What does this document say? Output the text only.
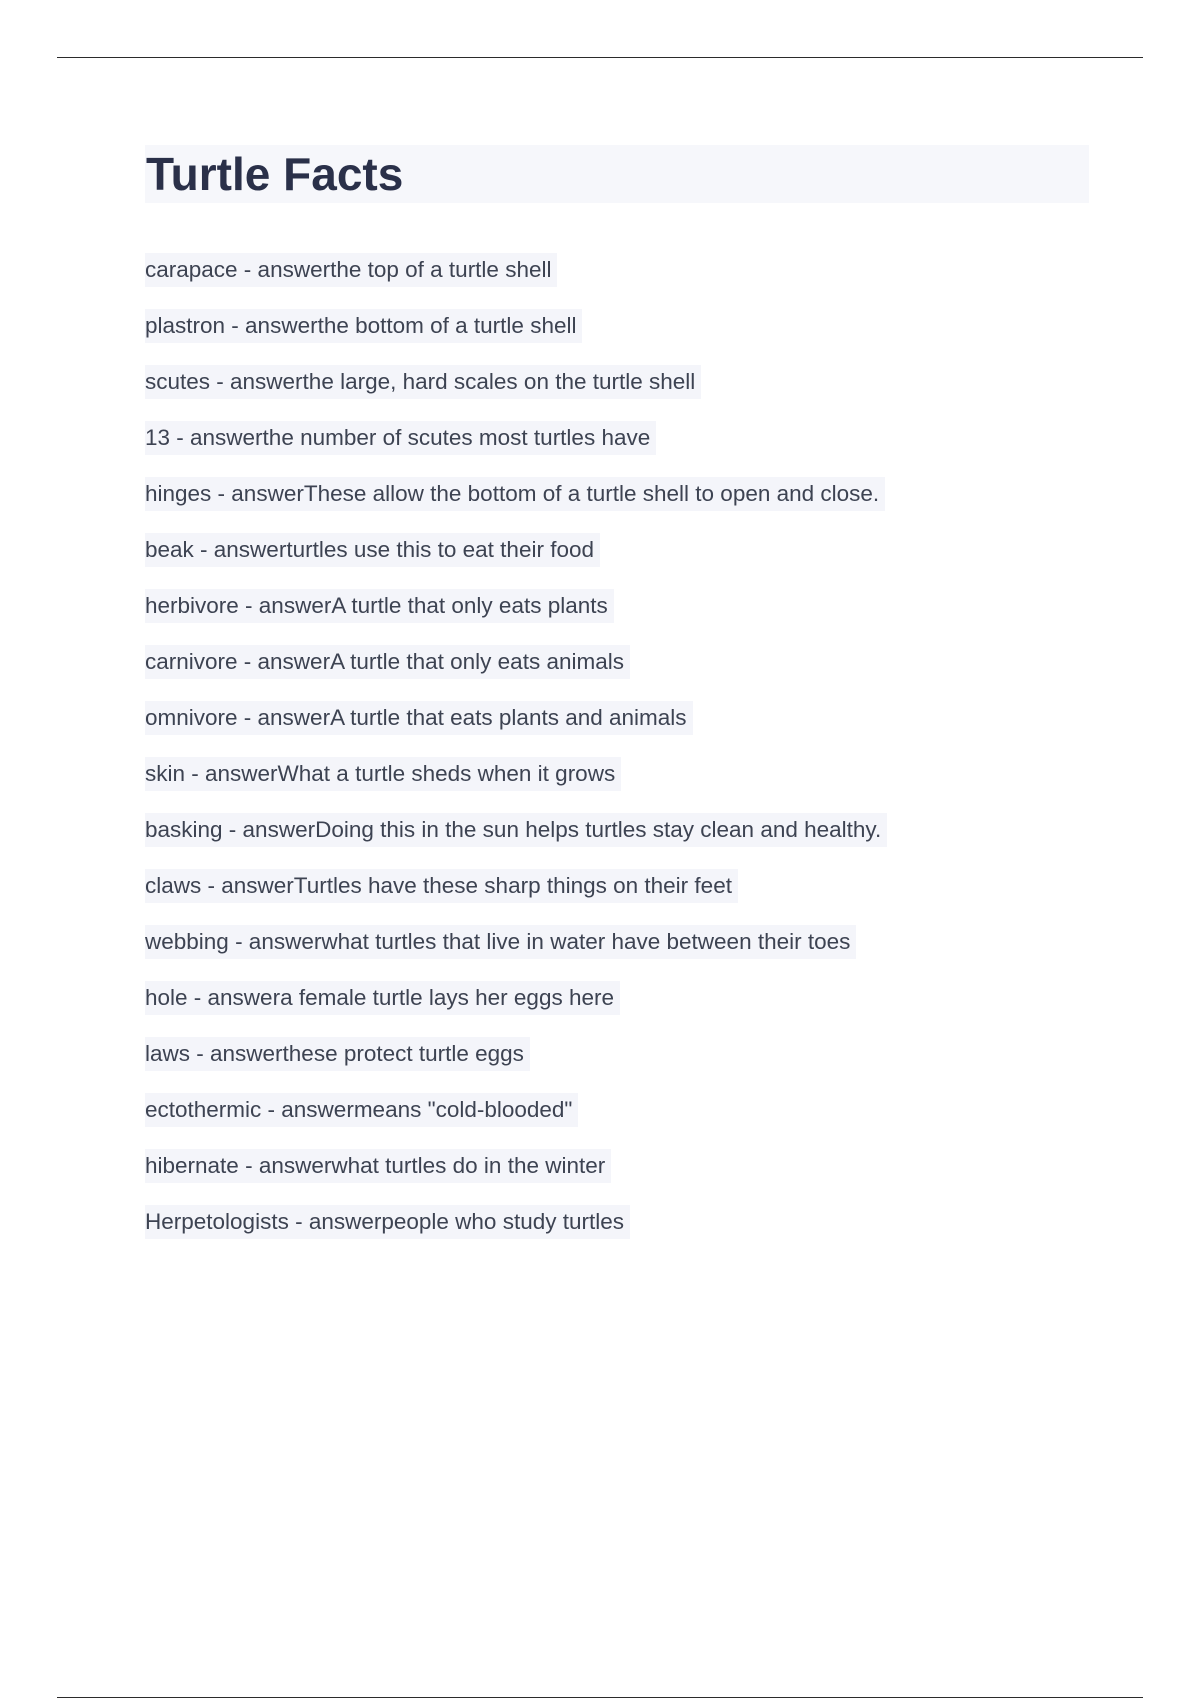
Turtle Facts
carapace - answerthe top of a turtle shell
plastron - answerthe bottom of a turtle shell
scutes - answerthe large, hard scales on the turtle shell
13 - answerthe number of scutes most turtles have
hinges - answerThese allow the bottom of a turtle shell to open and close.
beak - answerturtles use this to eat their food
herbivore - answerA turtle that only eats plants
carnivore - answerA turtle that only eats animals
omnivore - answerA turtle that eats plants and animals
skin - answerWhat a turtle sheds when it grows
basking - answerDoing this in the sun helps turtles stay clean and healthy.
claws - answerTurtles have these sharp things on their feet
webbing - answerwhat turtles that live in water have between their toes
hole - answera female turtle lays her eggs here
laws - answerthese protect turtle eggs
ectothermic - answermeans "cold-blooded"
hibernate - answerwhat turtles do in the winter
Herpetologists - answerpeople who study turtles
